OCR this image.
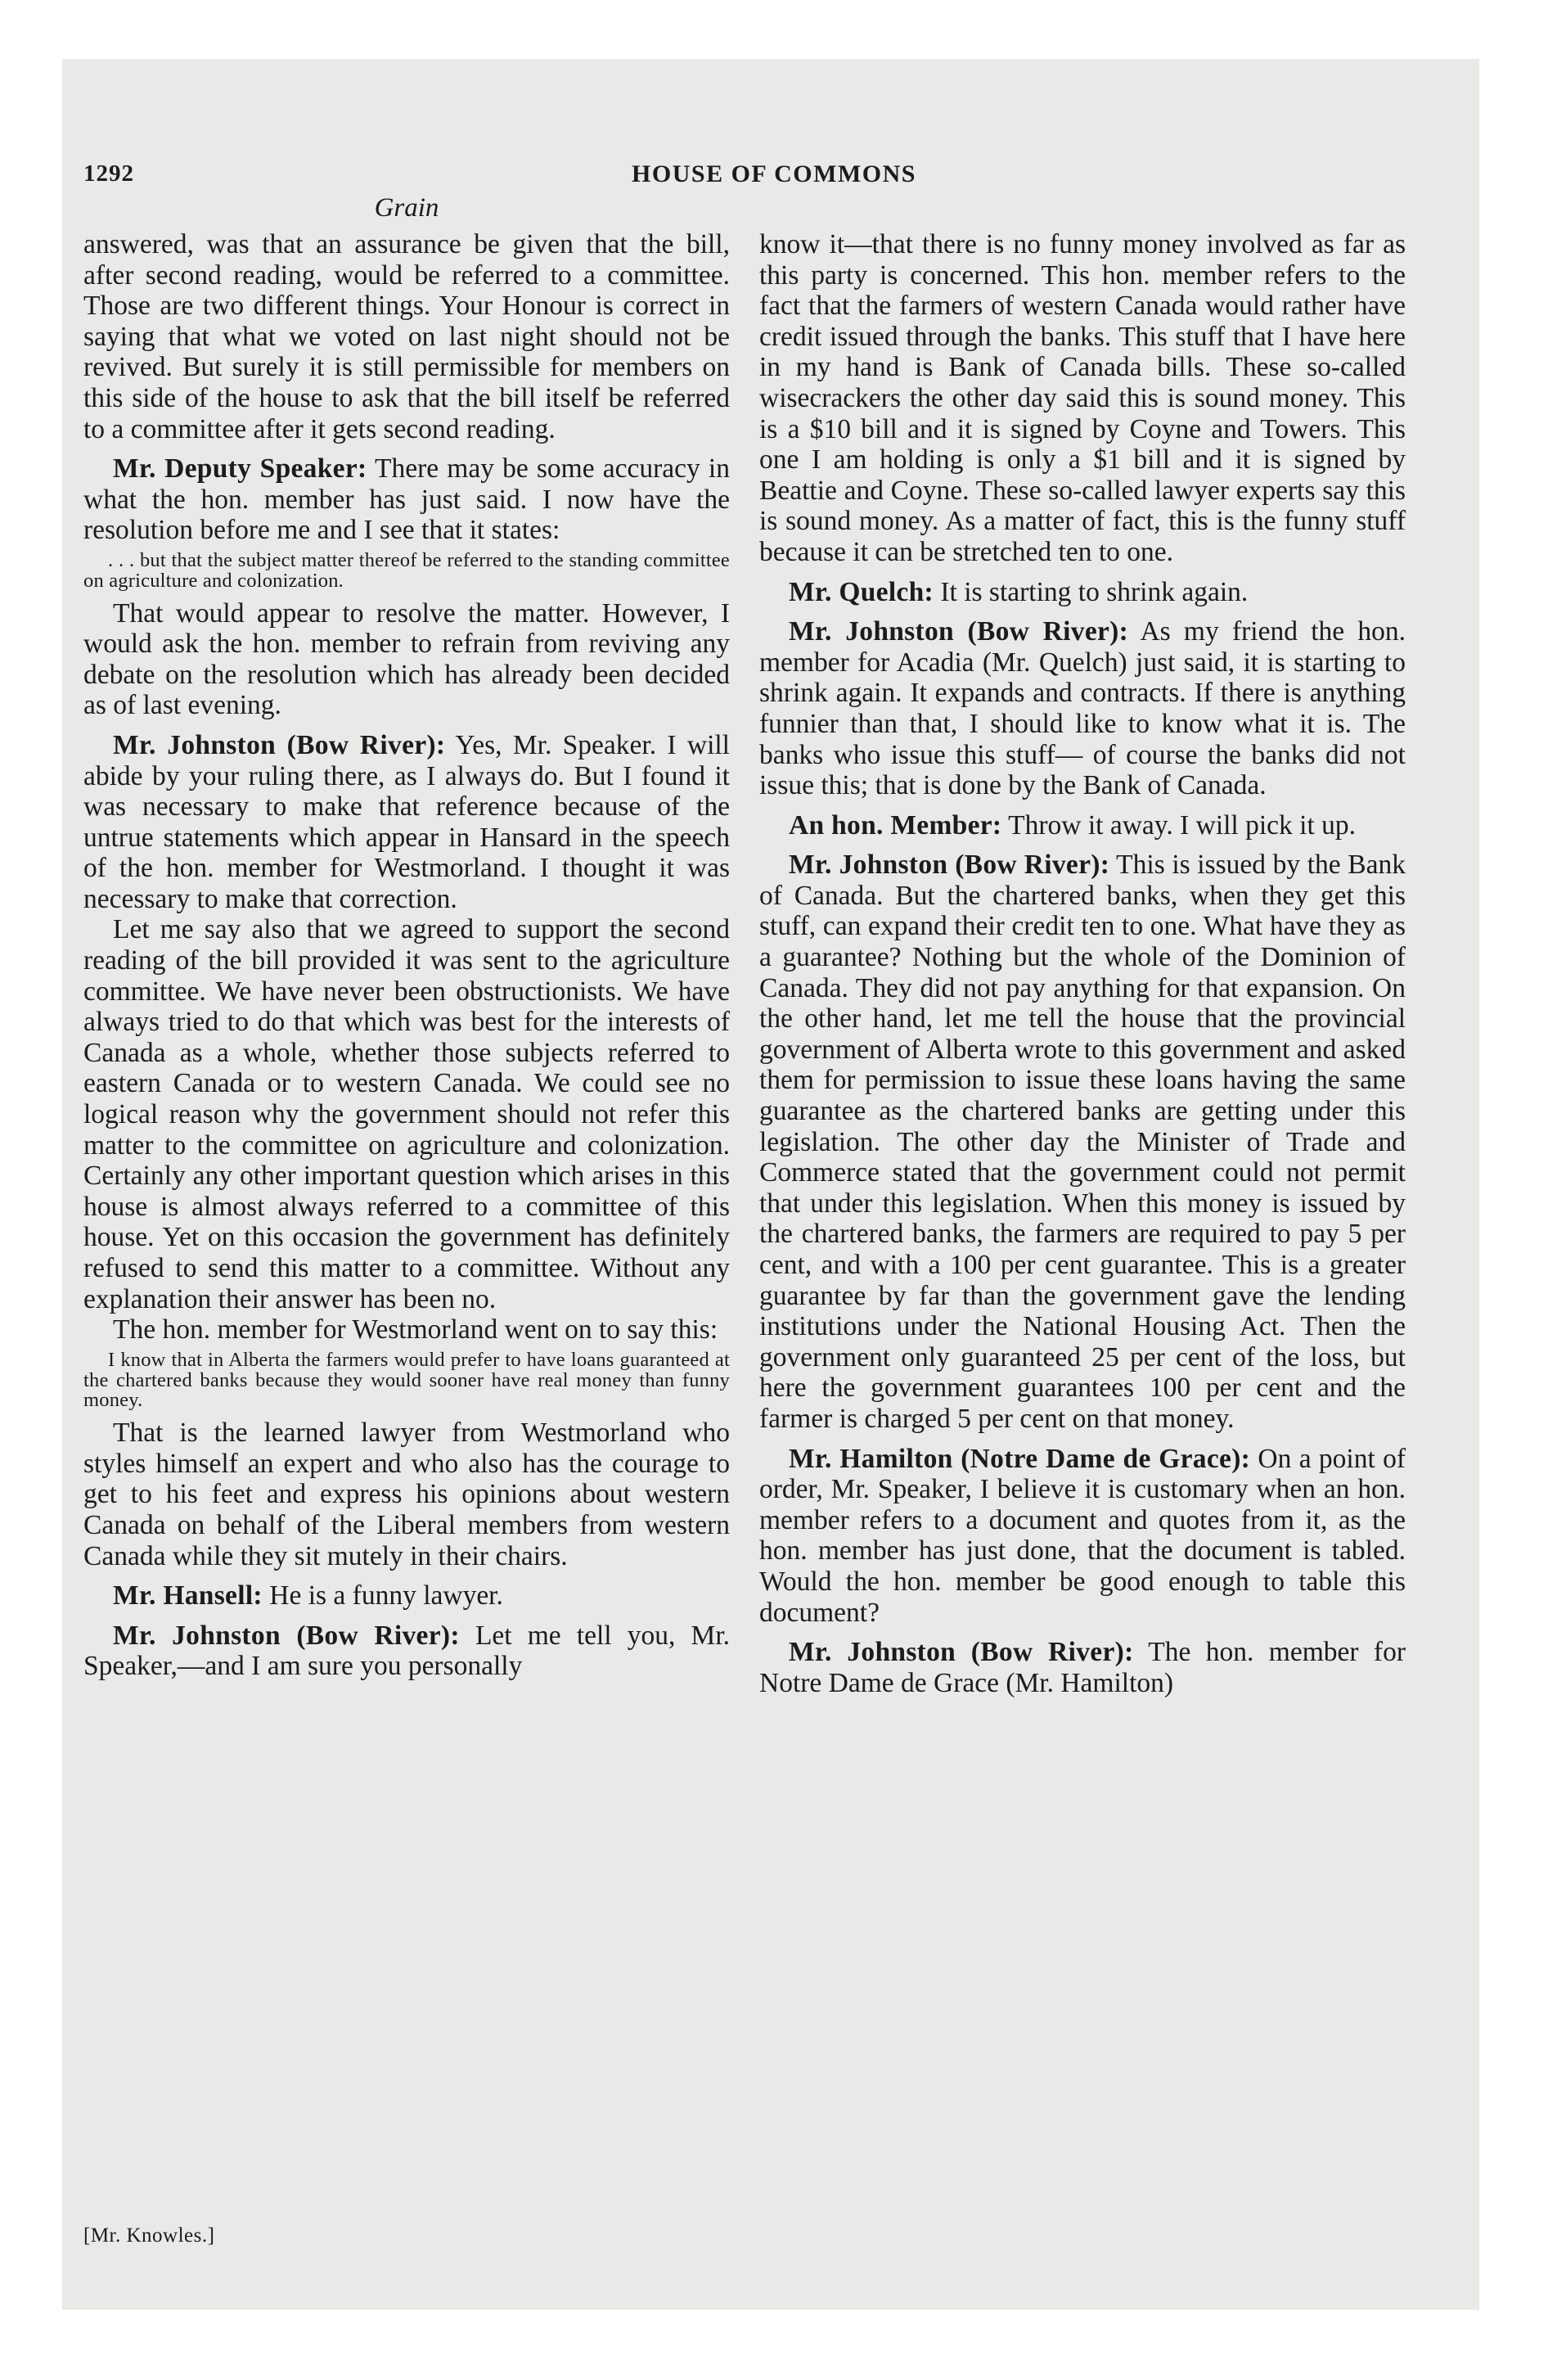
1292	HOUSE OF COMMONS
Grain

answered, was that an assurance be given that the bill, after second reading, would be referred to a committee. Those are two different things. Your Honour is correct in saying that what we voted on last night should not be revived. But surely it is still permissible for members on this side of the house to ask that the bill itself be referred to a committee after it gets second reading.

Mr. Deputy Speaker: There may be some accuracy in what the hon. member has just said. I now have the resolution before me and I see that it states:

. . . but that the subject matter thereof be referred to the standing committee on agriculture and colonization.

That would appear to resolve the matter. However, I would ask the hon. member to refrain from reviving any debate on the resolution which has already been decided as of last evening.

Mr. Johnston (Bow River): Yes, Mr. Speaker. I will abide by your ruling there, as I always do. But I found it was necessary to make that reference because of the untrue statements which appear in Hansard in the speech of the hon. member for Westmorland. I thought it was necessary to make that correction.

Let me say also that we agreed to support the second reading of the bill provided it was sent to the agriculture committee. We have never been obstructionists. We have always tried to do that which was best for the interests of Canada as a whole, whether those subjects referred to eastern Canada or to western Canada. We could see no logical reason why the government should not refer this matter to the committee on agriculture and colonization. Certainly any other important question which arises in this house is almost always referred to a committee of this house. Yet on this occasion the government has definitely refused to send this matter to a committee. Without any explanation their answer has been no.

The hon. member for Westmorland went on to say this:

I know that in Alberta the farmers would prefer to have loans guaranteed at the chartered banks because they would sooner have real money than funny money.

That is the learned lawyer from Westmorland who styles himself an expert and who also has the courage to get to his feet and express his opinions about western Canada on behalf of the Liberal members from western Canada while they sit mutely in their chairs.

Mr. Hansell: He is a funny lawyer.

Mr. Johnston (Bow River): Let me tell you, Mr. Speaker,—and I am sure you personally

know it—that there is no funny money involved as far as this party is concerned. This hon. member refers to the fact that the farmers of western Canada would rather have credit issued through the banks. This stuff that I have here in my hand is Bank of Canada bills. These so-called wisecrackers the other day said this is sound money. This is a $10 bill and it is signed by Coyne and Towers. This one I am holding is only a $1 bill and it is signed by Beattie and Coyne. These so-called lawyer experts say this is sound money. As a matter of fact, this is the funny stuff because it can be stretched ten to one.

Mr. Quelch: It is starting to shrink again.

Mr. Johnston (Bow River): As my friend the hon. member for Acadia (Mr. Quelch) just said, it is starting to shrink again. It expands and contracts. If there is anything funnier than that, I should like to know what it is. The banks who issue this stuff— of course the banks did not issue this; that is done by the Bank of Canada.

An hon. Member: Throw it away. I will pick it up.

Mr. Johnston (Bow River): This is issued by the Bank of Canada. But the chartered banks, when they get this stuff, can expand their credit ten to one. What have they as a guarantee? Nothing but the whole of the Dominion of Canada. They did not pay anything for that expansion. On the other hand, let me tell the house that the provincial government of Alberta wrote to this government and asked them for permission to issue these loans having the same guarantee as the chartered banks are getting under this legislation. The other day the Minister of Trade and Commerce stated that the government could not permit that under this legislation. When this money is issued by the chartered banks, the farmers are required to pay 5 per cent, and with a 100 per cent guarantee. This is a greater guarantee by far than the government gave the lending institutions under the National Housing Act. Then the government only guaranteed 25 per cent of the loss, but here the government guarantees 100 per cent and the farmer is charged 5 per cent on that money.

Mr. Hamilton (Notre Dame de Grace): On a point of order, Mr. Speaker, I believe it is customary when an hon. member refers to a document and quotes from it, as the hon. member has just done, that the document is tabled. Would the hon. member be good enough to table this document?

Mr. Johnston (Bow River): The hon. member for Notre Dame de Grace (Mr. Hamilton)

[Mr. Knowles.]
